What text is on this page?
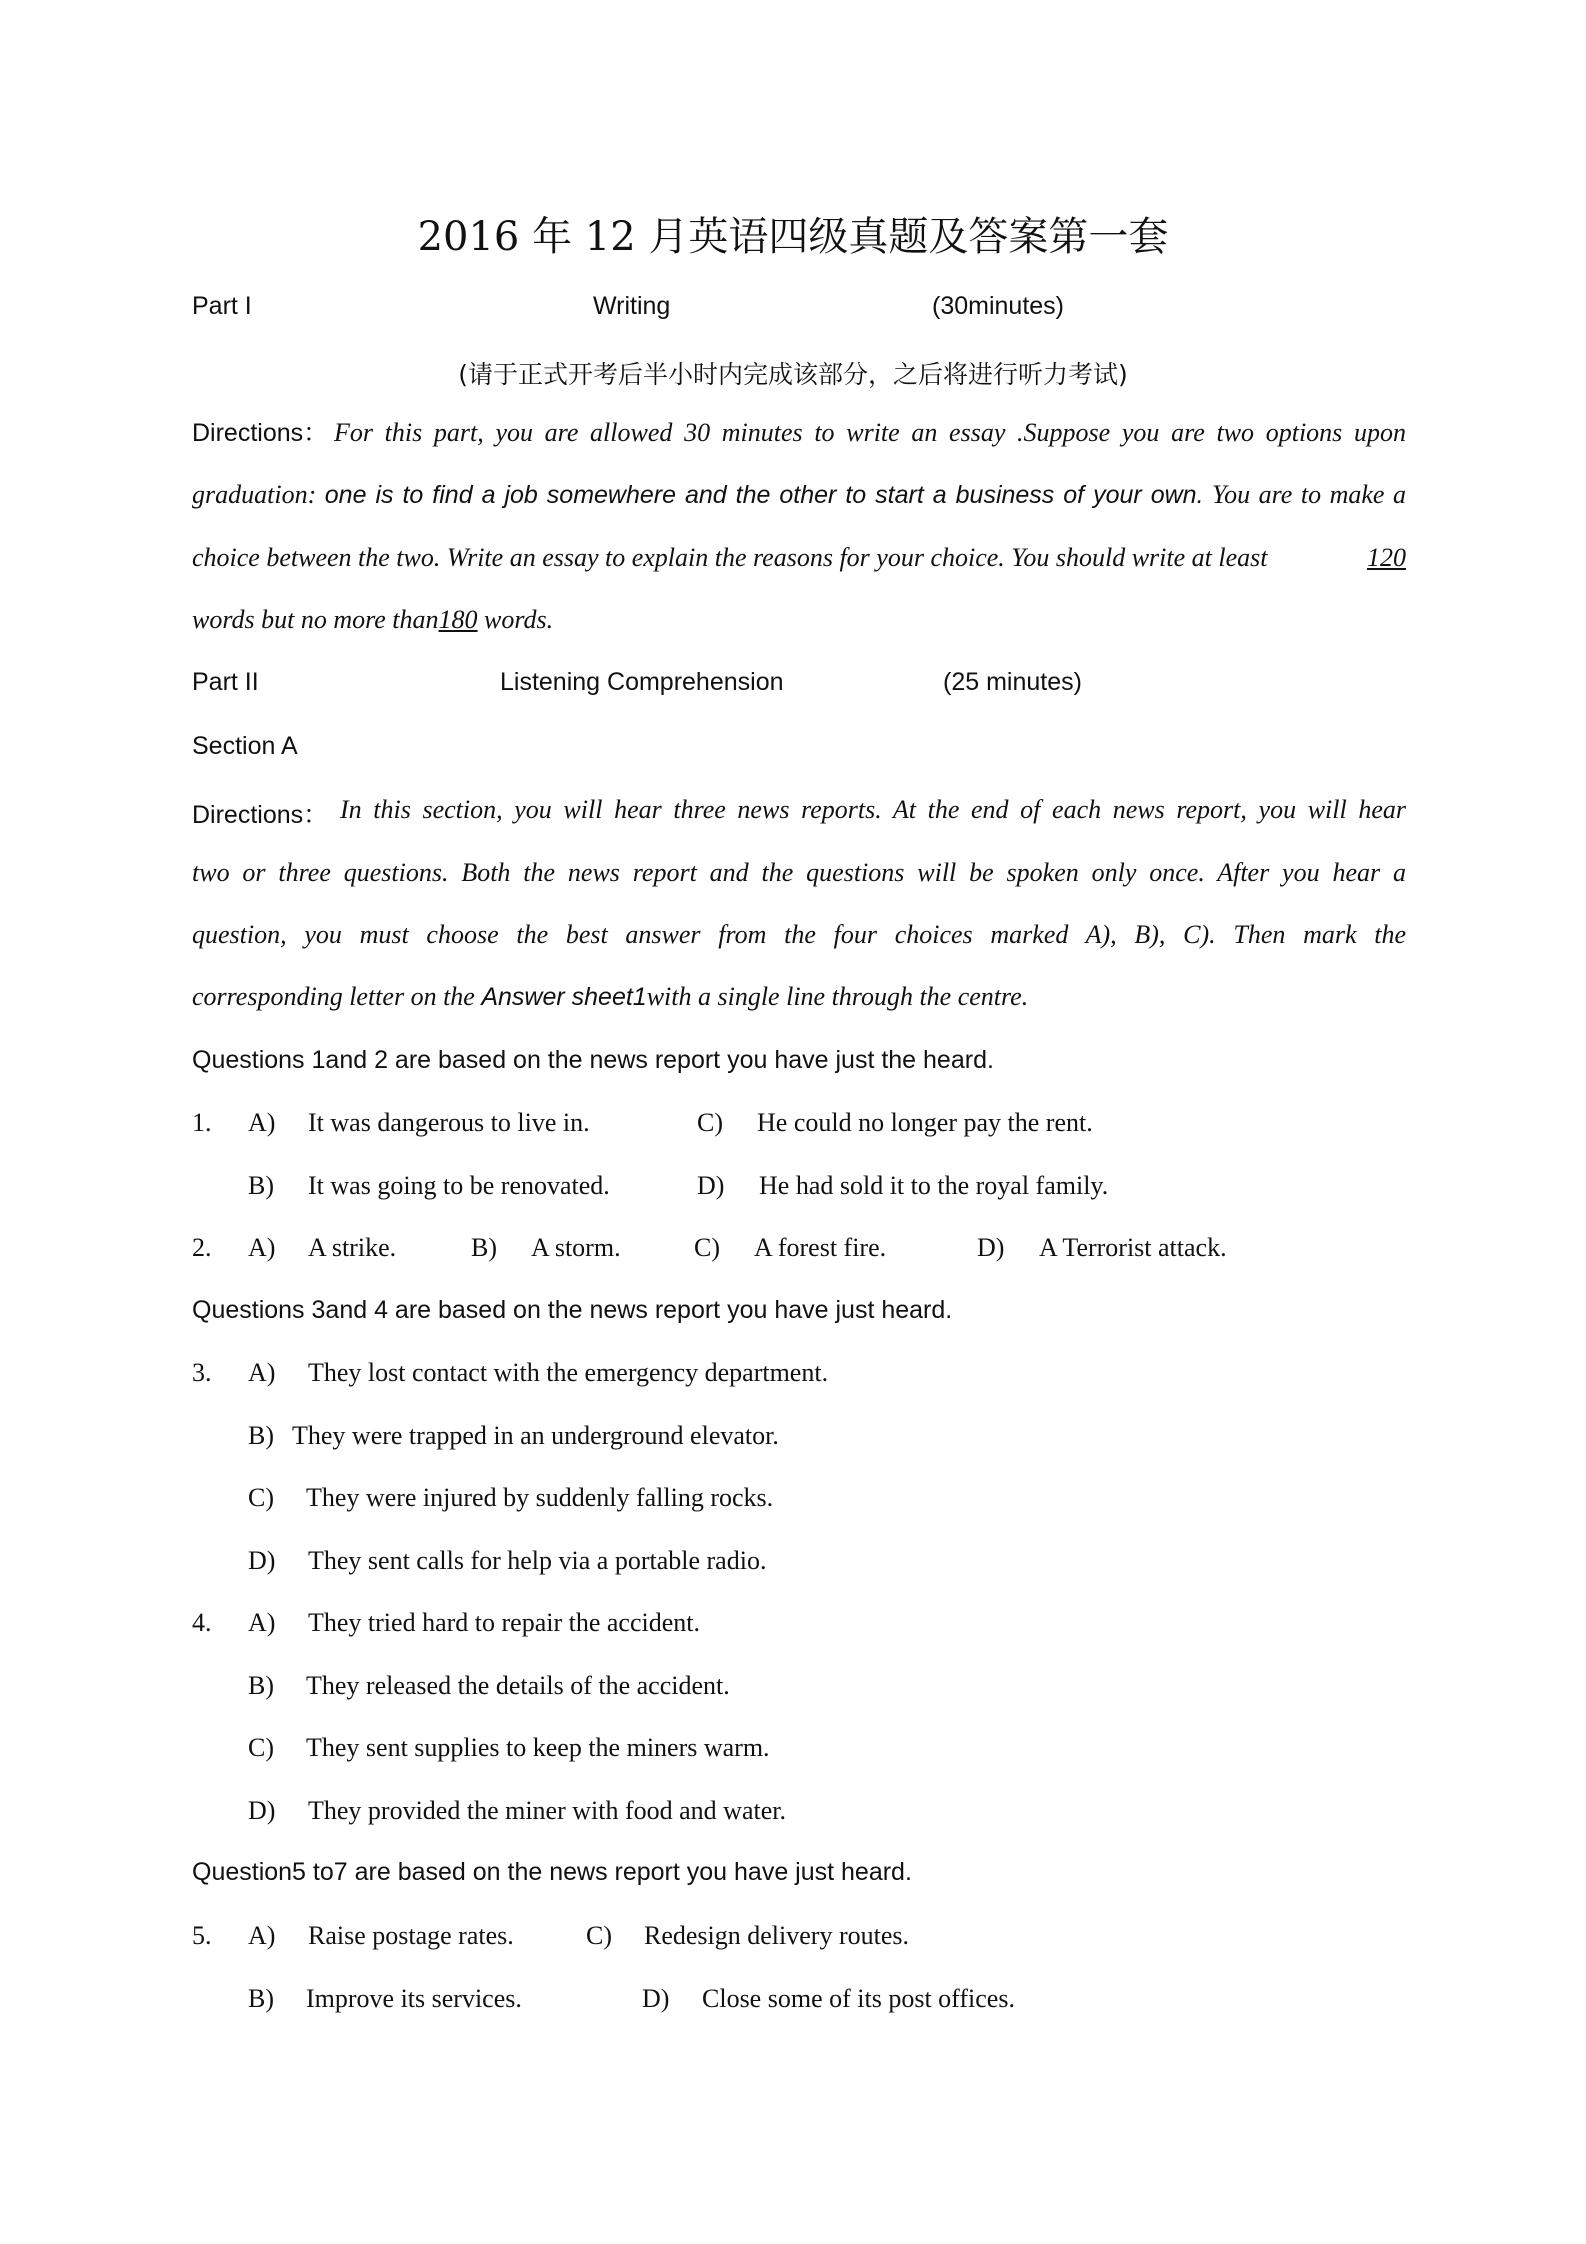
2016 年 12 月英语四级真题及答案第一套
Part I	Writing	(30minutes)
(请于正式开考后半小时内完成该部分，之后将进行听力考试)
Directions： For this part, you are allowed 30 minutes to write an essay .Suppose you are two options upon
graduation: one is to find a job somewhere and the other to start a business of your own. You are to make a
choice between the two. Write an essay to explain the reasons for your choice. You should write at least	120
words but no more than180 words.
Part II	Listening Comprehension	(25 minutes)
Section A
Directions： In this section, you will hear three news reports. At the end of each news report, you will hear
two or three questions. Both the news report and the questions will be spoken only once. After you hear a
question, you must choose the best answer from the four choices marked A), B), C). Then mark the
corresponding letter on the Answer sheet1with a single line through the centre.
Questions 1and 2 are based on the news report you have just the heard.
1. A) It was dangerous to live in.	C) He could no longer pay the rent.
B) It was going to be renovated.	D) He had sold it to the royal family.
2. A) A strike.	B) A storm.	C) A forest fire.	D) A Terrorist attack.
Questions 3and 4 are based on the news report you have just heard.
3. A) They lost contact with the emergency department.
B) They were trapped in an underground elevator.
C) They were injured by suddenly falling rocks.
D) They sent calls for help via a portable radio.
4. A) They tried hard to repair the accident.
B) They released the details of the accident.
C) They sent supplies to keep the miners warm.
D) They provided the miner with food and water.
Question5 to7 are based on the news report you have just heard.
5. A) Raise postage rates.	C) Redesign delivery routes.
B) Improve its services.	D) Close some of its post offices.
